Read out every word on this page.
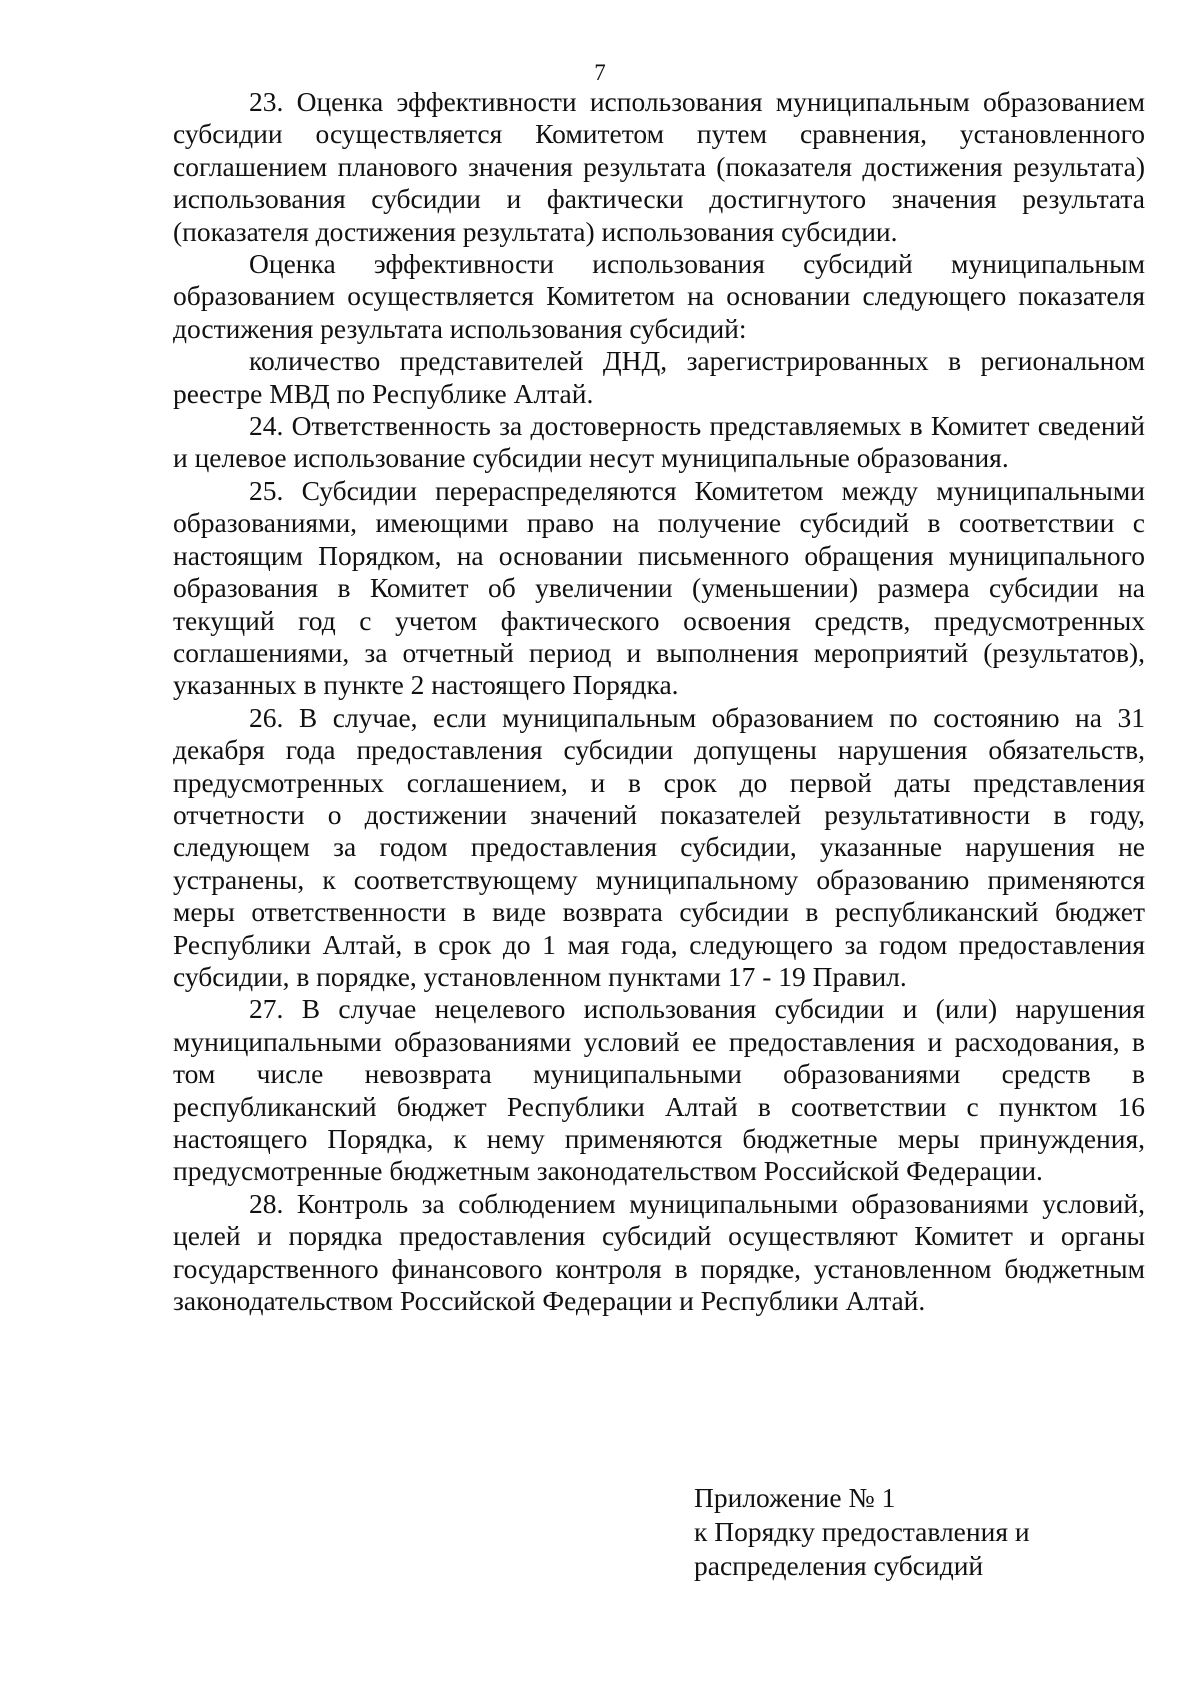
7

23. Оценка эффективности использования муниципальным образованием субсидии осуществляется Комитетом путем сравнения, установленного соглашением планового значения результата (показателя достижения результата) использования субсидии и фактически достигнутого значения результата (показателя достижения результата) использования субсидии.

Оценка эффективности использования субсидий муниципальным образованием осуществляется Комитетом на основании следующего показателя достижения результата использования субсидий:

количество представителей ДНД, зарегистрированных в региональном реестре МВД по Республике Алтай.

24. Ответственность за достоверность представляемых в Комитет сведений и целевое использование субсидии несут муниципальные образования.

25. Субсидии перераспределяются Комитетом между муниципальными образованиями, имеющими право на получение субсидий в соответствии с настоящим Порядком, на основании письменного обращения муниципального образования в Комитет об увеличении (уменьшении) размера субсидии на текущий год с учетом фактического освоения средств, предусмотренных соглашениями, за отчетный период и выполнения мероприятий (результатов), указанных в пункте 2 настоящего Порядка.

26. В случае, если муниципальным образованием по состоянию на 31 декабря года предоставления субсидии допущены нарушения обязательств, предусмотренных соглашением, и в срок до первой даты представления отчетности о достижении значений показателей результативности в году, следующем за годом предоставления субсидии, указанные нарушения не устранены, к соответствующему муниципальному образованию применяются меры ответственности в виде возврата субсидии в республиканский бюджет Республики Алтай, в срок до 1 мая года, следующего за годом предоставления субсидии, в порядке, установленном пунктами 17 - 19 Правил.

27. В случае нецелевого использования субсидии и (или) нарушения муниципальными образованиями условий ее предоставления и расходования, в том числе невозврата муниципальными образованиями средств в республиканский бюджет Республики Алтай в соответствии с пунктом 16 настоящего Порядка, к нему применяются бюджетные меры принуждения, предусмотренные бюджетным законодательством Российской Федерации.

28. Контроль за соблюдением муниципальными образованиями условий, целей и порядка предоставления субсидий осуществляют Комитет и органы государственного финансового контроля в порядке, установленном бюджетным законодательством Российской Федерации и Республики Алтай.

Приложение № 1
к Порядку предоставления и
распределения субсидий
